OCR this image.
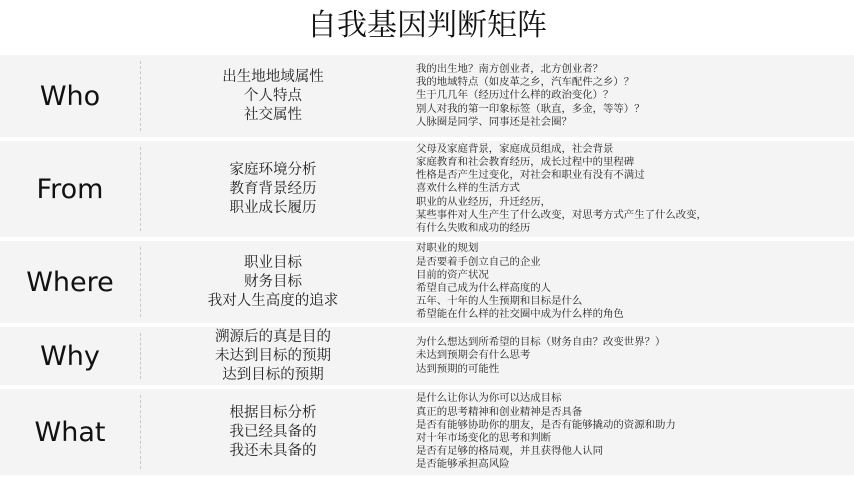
自我基因判断矩阵
Who
出生地地域属性
个人特点
社交属性
我的出生地？南方创业者，北方创业者？
我的地域特点（如皮革之乡，汽车配件之乡）？
生于几几年（经历过什么样的政治变化）？
别人对我的第一印象标签（耿直，多金，等等）？
人脉圈是同学、同事还是社会圈？
From
家庭环境分析
教育背景经历
职业成长履历
父母及家庭背景，家庭成员组成，社会背景
家庭教育和社会教育经历，成长过程中的里程碑
性格是否产生过变化，对社会和职业有没有不满过
喜欢什么样的生活方式
职业的从业经历，升迁经历，
某些事件对人生产生了什么改变，对思考方式产生了什么改变，
有什么失败和成功的经历
Where
职业目标
财务目标
我对人生高度的追求
对职业的规划
是否要着手创立自己的企业
目前的资产状况
希望自己成为什么样高度的人
五年、十年的人生预期和目标是什么
希望能在什么样的社交圈中成为什么样的角色
Why
溯源后的真是目的
未达到目标的预期
达到目标的预期
为什么想达到所希望的目标（财务自由？改变世界？）
未达到预期会有什么思考
达到预期的可能性
What
根据目标分析
我已经具备的
我还未具备的
是什么让你认为你可以达成目标
真正的思考精神和创业精神是否具备
是否有能够协助你的朋友，是否有能够撬动的资源和助力
对十年市场变化的思考和判断
是否有足够的格局观，并且获得他人认同
是否能够承担高风险
